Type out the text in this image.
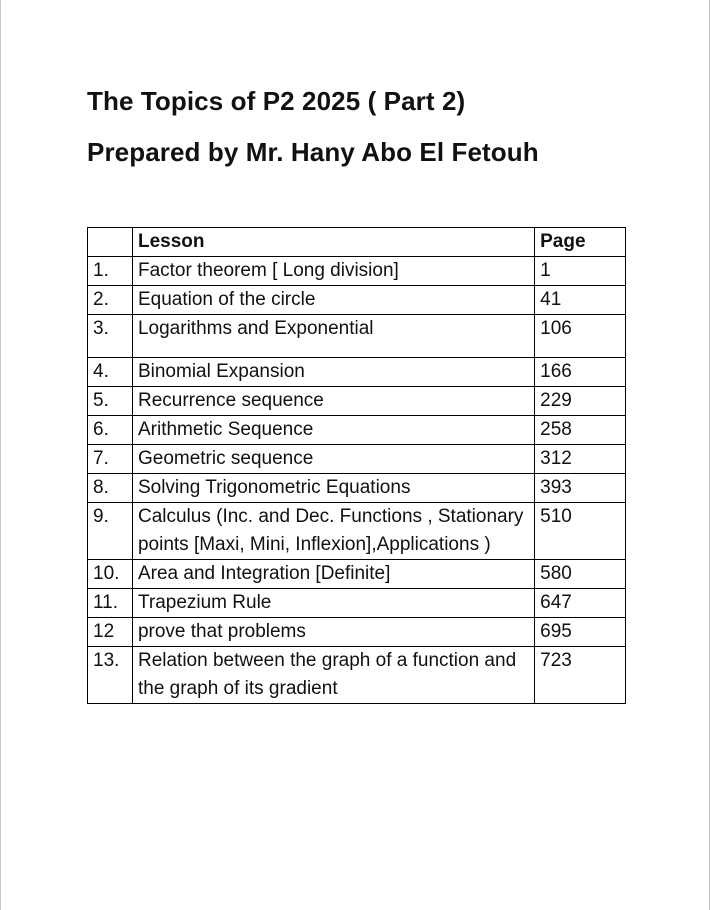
The Topics of P2 2025 ( Part 2)
Prepared by Mr. Hany Abo El Fetouh
	Lesson	Page
1.	Factor theorem [ Long division]	1
2.	Equation of the circle	41
3.	Logarithms and Exponential	106
4.	Binomial Expansion	166
5.	Recurrence sequence	229
6.	Arithmetic Sequence	258
7.	Geometric sequence	312
8.	Solving Trigonometric Equations	393
9.	Calculus (Inc. and Dec. Functions , Stationary points [Maxi, Mini, Inflexion],Applications )	510
10.	Area and Integration [Definite]	580
11.	Trapezium Rule	647
12	prove that problems	695
13.	Relation between the graph of a function and the graph of its gradient	723
